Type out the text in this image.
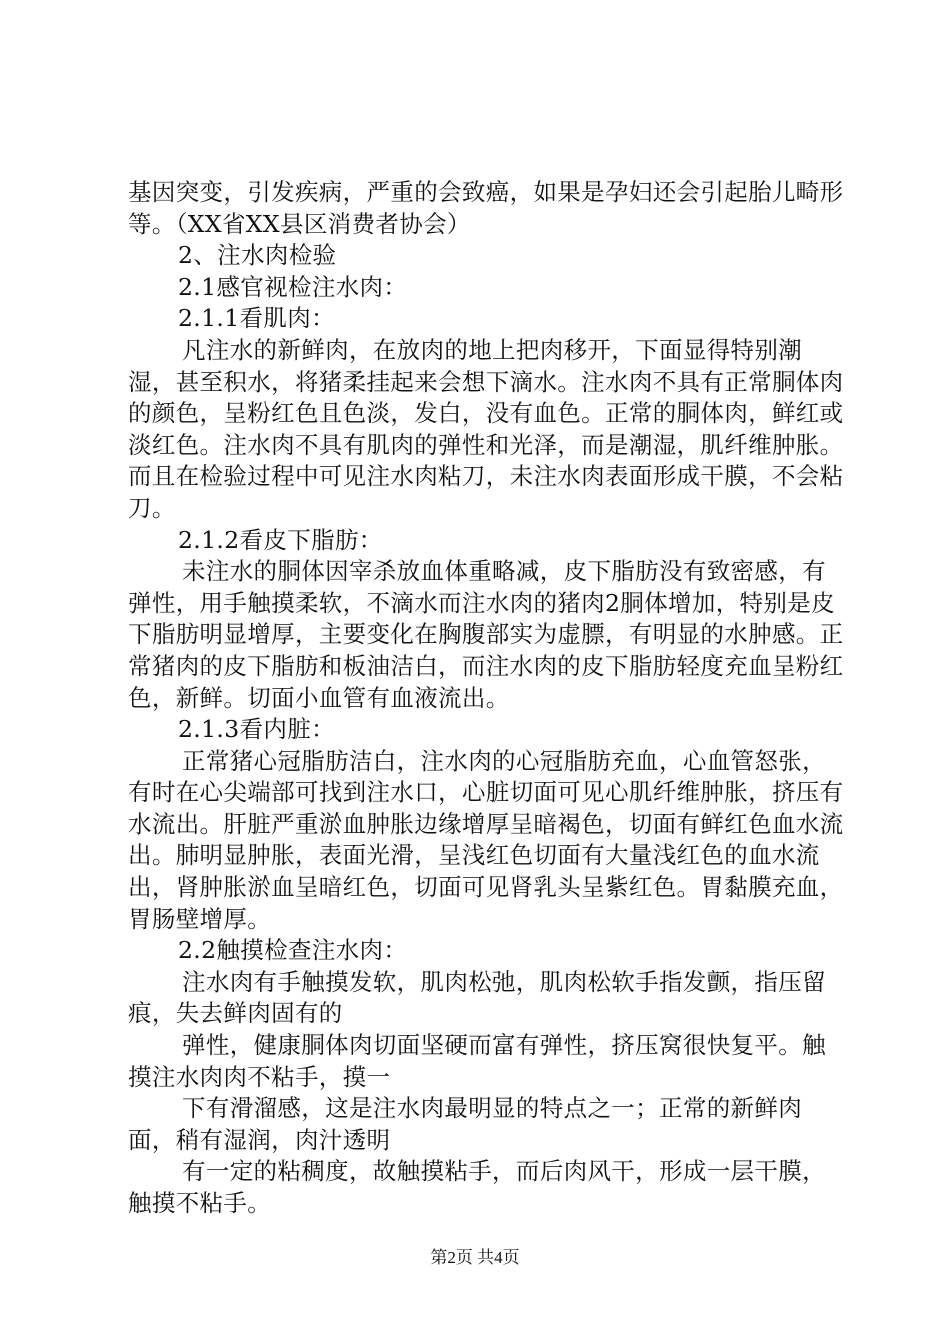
基因突变，引发疾病，严重的会致癌，如果是孕妇还会引起胎儿畸形等。（XX省XX县区消费者协会）

2、注水肉检验

2.1感官视检注水肉：

2.1.1看肌肉：

凡注水的新鲜肉，在放肉的地上把肉移开，下面显得特别潮湿，甚至积水，将猪柔挂起来会想下滴水。注水肉不具有正常胴体肉的颜色，呈粉红色且色淡，发白，没有血色。正常的胴体肉，鲜红或淡红色。注水肉不具有肌肉的弹性和光泽，而是潮湿，肌纤维肿胀。而且在检验过程中可见注水肉粘刀，未注水肉表面形成干膜，不会粘刀。

2.1.2看皮下脂肪：

未注水的胴体因宰杀放血体重略减，皮下脂肪没有致密感，有弹性，用手触摸柔软，不滴水而注水肉的猪肉2胴体增加，特别是皮下脂肪明显增厚，主要变化在胸腹部实为虚膘，有明显的水肿感。正常猪肉的皮下脂肪和板油洁白，而注水肉的皮下脂肪轻度充血呈粉红色，新鲜。切面小血管有血液流出。

2.1.3看内脏：

正常猪心冠脂肪洁白，注水肉的心冠脂肪充血，心血管怒张，有时在心尖端部可找到注水口，心脏切面可见心肌纤维肿胀，挤压有水流出。肝脏严重淤血肿胀边缘增厚呈暗褐色，切面有鲜红色血水流出。肺明显肿胀，表面光滑，呈浅红色切面有大量浅红色的血水流出，肾肿胀淤血呈暗红色，切面可见肾乳头呈紫红色。胃黏膜充血，胃肠壁增厚。

2.2触摸检查注水肉：

注水肉有手触摸发软，肌肉松弛，肌肉松软手指发颤，指压留痕，失去鲜肉固有的

弹性，健康胴体肉切面坚硬而富有弹性，挤压窝很快复平。触摸注水肉肉不粘手，摸一

下有滑溜感，这是注水肉最明显的特点之一；正常的新鲜肉面，稍有湿润，肉汁透明

有一定的粘稠度，故触摸粘手，而后肉风干，形成一层干膜，触摸不粘手。

第2页 共4页
